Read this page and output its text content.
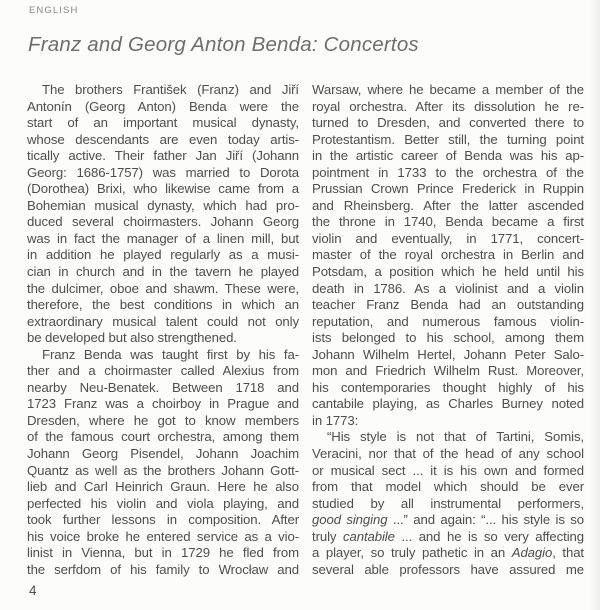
ENGLISH
Franz and Georg Anton Benda: Concertos
The brothers František (Franz) and Jiří
Antonín (Georg Anton) Benda were the
start of an important musical dynasty,
whose descendants are even today artis-
tically active. Their father Jan Jiří (Johann
Georg: 1686-1757) was married to Dorota
(Dorothea) Brixi, who likewise came from a
Bohemian musical dynasty, which had pro-
duced several choirmasters. Johann Georg
was in fact the manager of a linen mill, but
in addition he played regularly as a musi-
cian in church and in the tavern he played
the dulcimer, oboe and shawm. These were,
therefore, the best conditions in which an
extraordinary musical talent could not only
be developed but also strengthened.
Franz Benda was taught first by his fa-
ther and a choirmaster called Alexius from
nearby Neu-Benatek. Between 1718 and
1723 Franz was a choirboy in Prague and
Dresden, where he got to know members
of the famous court orchestra, among them
Johann Georg Pisendel, Johann Joachim
Quantz as well as the brothers Johann Gott-
lieb and Carl Heinrich Graun. Here he also
perfected his violin and viola playing, and
took further lessons in composition. After
his voice broke he entered service as a vio-
linist in Vienna, but in 1729 he fled from
the serfdom of his family to Wrocław and
Warsaw, where he became a member of the
royal orchestra. After its dissolution he re-
turned to Dresden, and converted there to
Protestantism. Better still, the turning point
in the artistic career of Benda was his ap-
pointment in 1733 to the orchestra of the
Prussian Crown Prince Frederick in Ruppin
and Rheinsberg. After the latter ascended
the throne in 1740, Benda became a first
violin and eventually, in 1771, concert-
master of the royal orchestra in Berlin and
Potsdam, a position which he held until his
death in 1786. As a violinist and a violin
teacher Franz Benda had an outstanding
reputation, and numerous famous violin-
ists belonged to his school, among them
Johann Wilhelm Hertel, Johann Peter Salo-
mon and Friedrich Wilhelm Rust. Moreover,
his contemporaries thought highly of his
cantabile playing, as Charles Burney noted
in 1773:
“His style is not that of Tartini, Somis,
Veracini, nor that of the head of any school
or musical sect ... it is his own and formed
from that model which should be ever
studied by all instrumental performers,
good singing ...” and again: “... his style is so
truly cantabile ... and he is so very affecting
a player, so truly pathetic in an Adagio, that
several able professors have assured me
4
